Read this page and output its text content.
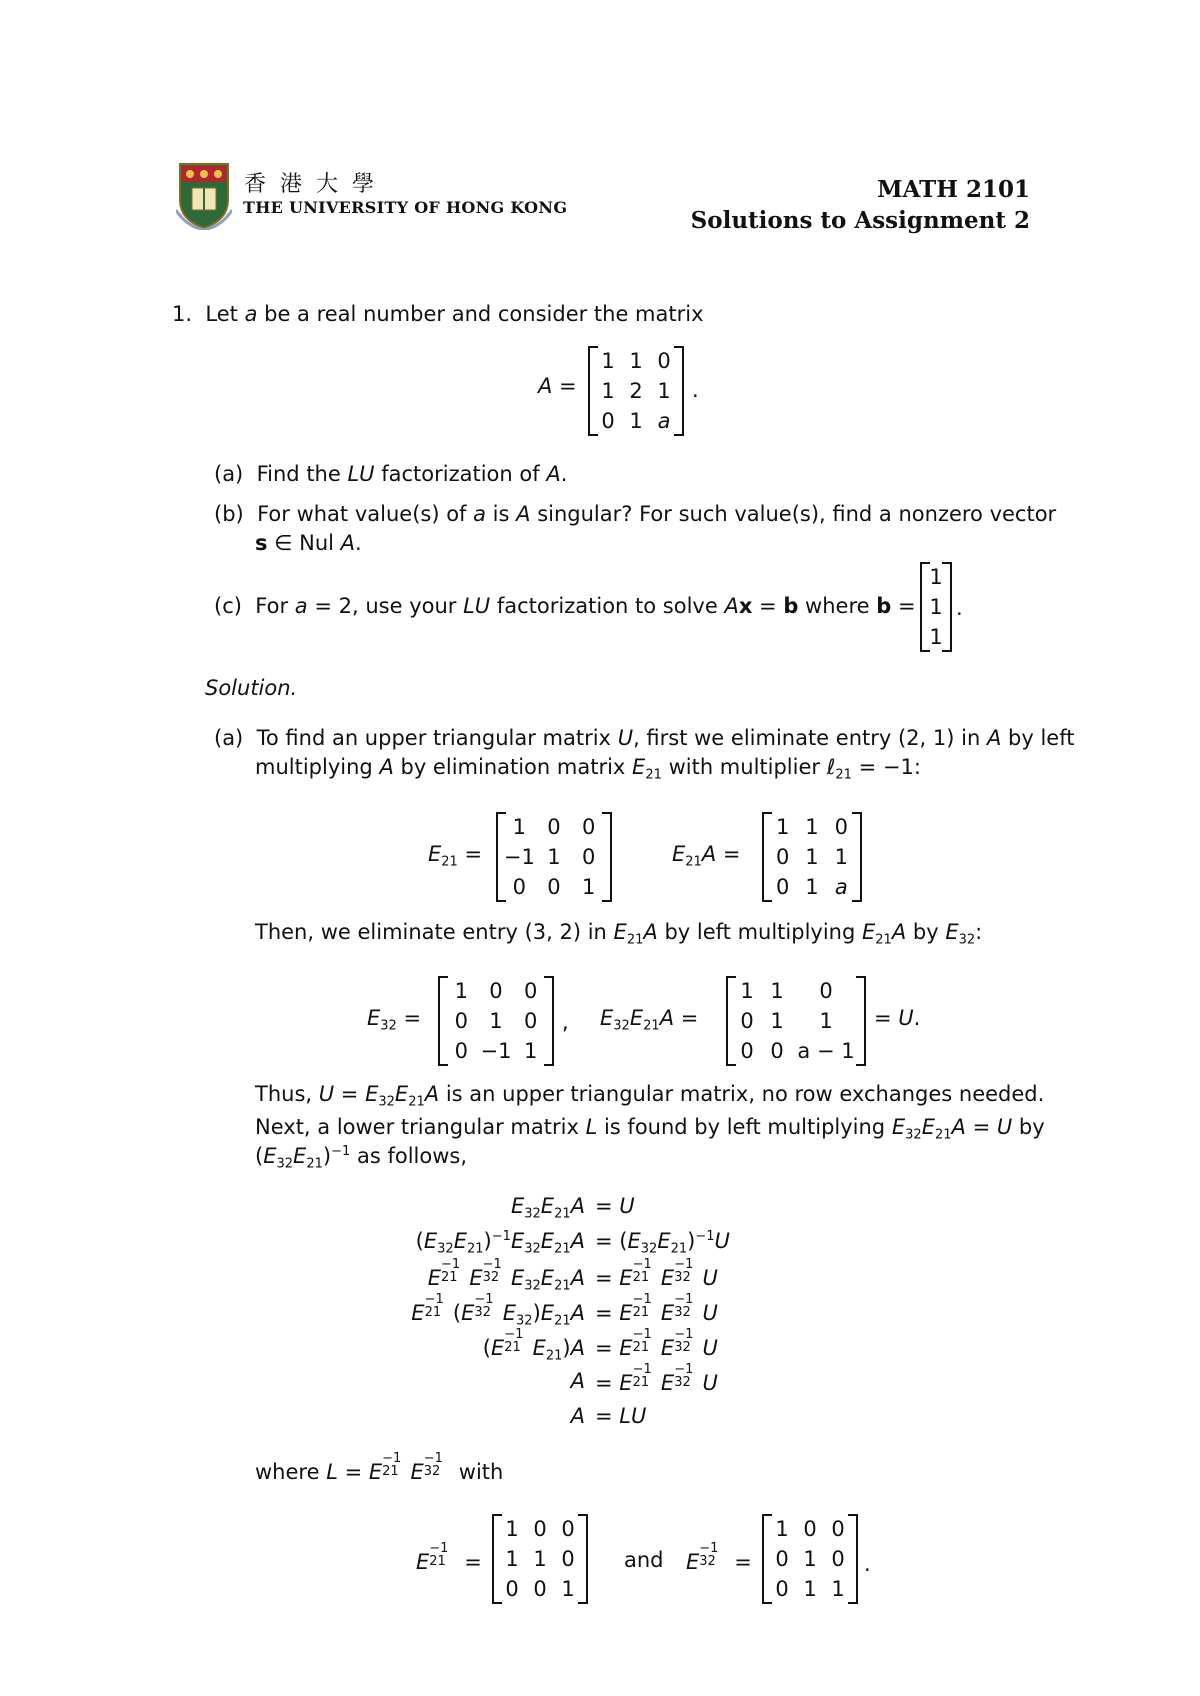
香港大學
THE UNIVERSITY OF HONG KONG
MATH 2101
Solutions to Assignment 2
1.  Let a be a real number and consider the matrix
A =
1 1 0
1 2 1
0 1 a
.
(a)  Find the LU factorization of A.
(b) For what value(s) of a is A singular? For such value(s), find a nonzero vector
s ∈ Nul A.
(c) For a = 2, use your LU factorization to solve Ax = b where b =
1
1
1
.
Solution.
(a) To find an upper triangular matrix U, first we eliminate entry (2, 1) in A by left
multiplying A by elimination matrix $E_{21}$ with multiplier ℓ$_{21}$ = −1:
$E_{21}$ =
1	0	0
−1 1	0
0	0	1
$E_{21}A$ =
1 1 0
0 1 1
0 1 a
Then, we eliminate entry (3, 2) in $E_{21}A$ by left multiplying $E_{21}A$ by $E_{32}$:
$E_{32}$ =
1	0	0
0	1	0
0 −1 1
, $E_{32}E_{21}A$ =
1 1	0
0 1	1
0 0 a − 1
= U.
Thus, $U = E_{32}E_{21}A$ is an upper triangular matrix, no row exchanges needed.
Next, a lower triangular matrix L is found by left multiplying $E_{32}E_{21}A = U$ by
$(E_{32}E_{21})^{-1}$ as follows,
$E_{32}E_{21}A = U$
$(E_{32}E_{21})^{-1}E_{32}E_{21}A = (E_{32}E_{21})^{-1}U$
E
−1
21 E
−1
32 $E_{32}E_{21}A = E$
−1
21 E
−1
32 U
E
−1
21 (E
−1
32 $E_{32})E_{21}A = E$
−1
21 E
−1
32 U
(E
−1
21 $E_{21})A = E$
−1
21 E
−1
32 U
A = E
−1
21 E
−1
32 U
A = LU
where L = E
−1
21 E
−1
32 with
E
−1
21 =
1 0 0
1 1 0
0 0 1
and E
−1
32 =
1 0 0
0 1 0
0 1 1
.
